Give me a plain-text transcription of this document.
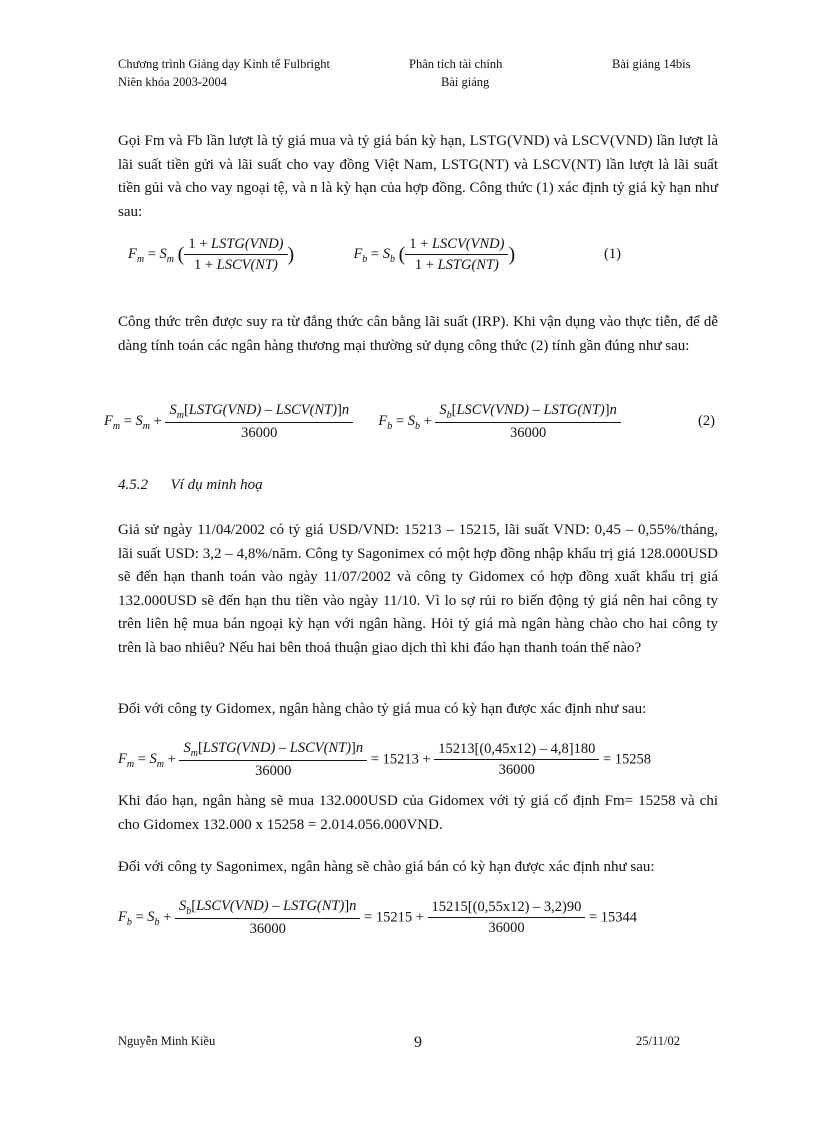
Chương trình Giảng dạy Kinh tế Fulbright
Niên khóa 2003-2004
Phân tích tài chính
Bài giảng
Bài giảng 14bis

Gọi Fm và Fb lần lượt là tỷ giá mua và tỷ giá bán kỳ hạn, LSTG(VND) và LSCV(VND) lần lượt là lãi suất tiền gửi và lãi suất cho vay đồng Việt Nam, LSTG(NT) và LSCV(NT) lần lượt là lãi suất tiền gủi và cho vay ngoại tệ, và n là kỳ hạn của hợp đồng. Công thức (1) xác định tỷ giá kỳ hạn như sau:

$F_m = S_m$ ( $\frac{\text{1 + LSTG(VND)}}{\text{1 + LSCV(NT)}}$ )	$F_b = S_b$ ( $\frac{\text{1 + LSCV(VND)}}{\text{1 + LSTG(NT)}}$ )	(1)

Công thức trên được suy ra từ đẳng thức cân bằng lãi suất (IRP). Khi vận dụng vào thực tiễn, để dễ dàng tính toán các ngân hàng thương mại thường sử dụng công thức (2) tính gần đúng như sau:

$F_m = S_m + \frac{S_m[LSTG(VND) - LSCV(NT)]n}{36000} F_b = S_b + \frac{S_b[LSCV(VND) - LSTG(NT)]n}{36000}$	(2)
4.5.2      Ví dụ minh hoạ

Giả sử ngày 11/04/2002 có tỷ giá USD/VND: 15213 – 15215, lãi suất VND: 0,45 – 0,55%/tháng, lãi suất USD: 3,2 – 4,8%/năm. Công ty Sagonimex có một hợp đồng nhập khẩu trị giá 128.000USD sẽ đến hạn thanh toán vào ngày 11/07/2002 và công ty Gidomex có hợp đồng xuất khẩu trị giá 132.000USD sẽ đến hạn thu tiền vào ngày 11/10. Vì lo sợ rủi ro biến động tỷ giá nên hai công ty trên liên hệ mua bán ngoại kỳ hạn với ngân hàng. Hỏi tỷ giá mà ngân hàng chào cho hai công ty trên là bao nhiêu? Nếu hai bên thoả thuận giao dịch thì khi đáo hạn thanh toán thế nào?

Đối với công ty Gidomex, ngân hàng chào tỷ giá mua có kỳ hạn được xác định như sau:

$F_m = S_m + \frac{S_m[LSTG(VND) - LSCV(NT)]n}{36000} = 15213 + \frac{15213[(0,45x12) - 4,8]180}{36000} = 15258$

Khi đáo hạn, ngân hàng sẽ mua 132.000USD của Gidomex với tỷ giá cố định Fm= 15258 và chi cho Gidomex 132.000 x 15258 = 2.014.056.000VND.

Đối với công ty Sagonimex, ngân hàng sẽ chào giá bán có kỳ hạn được xác định như sau:

$F_b = S_b + \frac{S_b[LSCV(VND) - LSTG(NT)]n}{36000} = 15215 + \frac{15215[(0,55x12) - 3,2)90}{36000} = 15344$
Nguyễn Minh Kiều	9	25/11/02
